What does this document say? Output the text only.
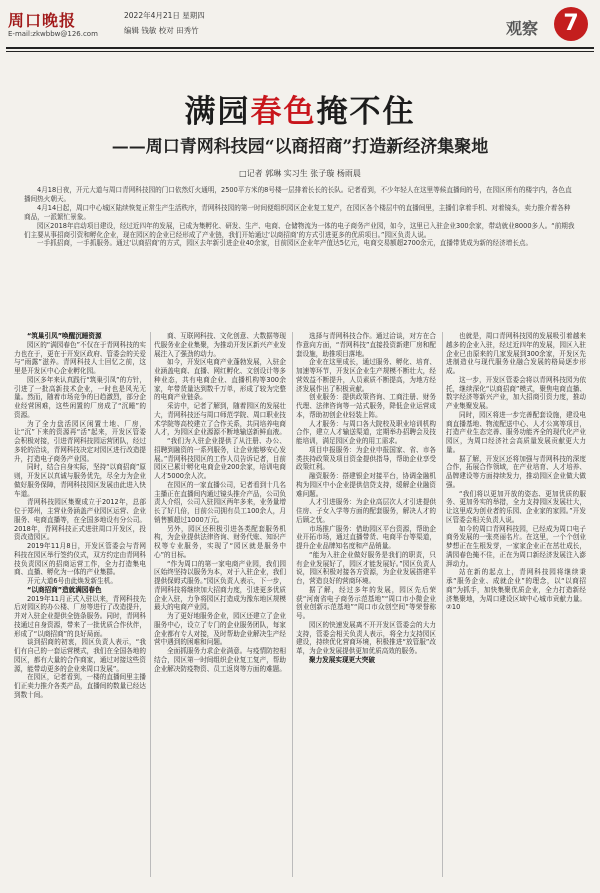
周口晚报
E-mail:zkwbbw@126.com
2022年4月21日 星期四
编辑 钱敏 校对 田秀竹	观察	7
满园春色掩不住
——周口青网科技园“以商招商”打造新经济集聚地
□记者 郭琳 实习生 张子璇 杨雨晨

4月18日夜，开元大道与周口青网科技园的门口依然灯火通明，2500平方米的8号楼一层排着长长的长队。记者看到，不少年轻人在这里等候直播间的号，在园区所有的楼宇内，各色直播间热火朝天。

4月14日起，周口中心城区陆续恢复正常生产生活秩序，青网科技园的第一时间便组织园区企业复工复产，在园区各个楼层中的直播间里，主播们拿着手机、对着镜头，卖力推介着各种商品，一派繁忙景象。

园区2018年启动项目建设，经过近四年的发展，已成为集孵化、研发、生产、电商、仓储物流为一体的电子商务产业园，如今，这里已入驻企业300余家，带动就业8000多人。“前期我们主要从事招商引资和孵化企业，现在园区的企业已经形成了产业链，我们开始通过‘以商招商’的方式引进更多的优质项目。”园区负责人说。

一手抓招商，一手抓服务。通过‘以商招商’的方式，园区去年新引进企业40余家，目前园区企业年产值达5亿元，电商交易额超2700余元，直播带货成为新的经济增长点。

“筑巢引凤”唤醒沉睡资源

园区的“满园春色”不仅在于青网科技的实力也在于，更在于开发区政府、管委会的关爱与“雨露”滋养。青网科技人士回忆之前，这里是开发区中心企业孵化园。

园区多年来认真践行“筑巢引凤”的方针，引进了一批高新技术企业，一时也是风光无量。然而，随着市场竞争的日趋激烈，部分企业经营困难，这些闲置的厂房成了“沉睡”的资源。

为了全力盘活园区闲置土地、厂房，让“沉”下来的资源再“活”起来，开发区管委会积极对接，引进青网科技园运营团队，经过多轮的洽谈，青网科技决定对园区进行改造提升，打造电子商务产业园。

同时，结合自身实际，坚持“以商招商”原则，开发区以真诚与服务优先，尽全力为企业做好服务保障，青网科技园区发展由此进入快车道。

青网科技园区集聚成立于2012年，总部位于郑州，主营业务涵盖产业园区运营、企业服务、电商直播等，在全国多地设有分公司。2018年，青网科技正式进驻周口开发区，投资改造园区。

2019年11月8日，开发区管委会与青网科技在园区举行签约仪式，双方约定由青网科技负责园区的招商运营工作，全力打造集电商、直播、孵化为一体的产业集群。

开元大道6号由此焕发新生机。

“以商招商”造就满园春色

2019年11月正式入驻以来，青网科技先后对园区的办公楼、厂房等进行了改造提升，并对入驻企业提供全链条服务。同时，青网科技通过自身资源，带来了一批优质合作伙伴，形成了“以商招商”的良好局面。

谈到招商的初衷，园区负责人表示，“我们有自己的一套运营模式，我们在全国各地的园区，都有大量的合作商家，通过对接这些资源，能带动更多的企业来周口发展”。

在园区，记者看到，一楼的直播间里主播们正卖力推介各类产品，直播间的数量已经达到数十间。

商、互联网科技、文化创意、大数据等现代服务业企业集聚，为推动开发区新兴产业发展注入了强劲的动力。

如今，开发区电商产业蓬勃发展，入驻企业涵盖电商、直播、网红孵化、文创设计等多种业态，共有电商企业、直播机构等300余家，年带货量达到数千万单，形成了较为完整的电商产业链条。

采访中，记者了解到，随着园区的发展壮大，青网科技还与周口师范学院、周口职业技术学院等高校建立了合作关系，共同培养电商人才，为园区企业源源不断地输送新鲜血液。

“我们为入驻企业提供了从注册、办公、招聘到融资的一系列服务，让企业能够安心发展。”青网科技园区的工作人员告诉记者，目前园区已累计孵化电商企业200余家，培训电商人才5000余人次。

在园区的一家直播公司，记者看到十几名主播正在直播间内通过镜头推介产品，公司负责人介绍，公司入驻园区两年多来，业务量增长了好几倍，目前公司拥有员工100余人，月销售额超过1000万元。

另外，园区还积极引进各类配套服务机构，为企业提供法律咨询、财务代账、知识产权等专业服务，实现了“园区就是服务中心”的目标。

“作为周口的第一家电商产业园，我们园区始终坚持以服务为本，对于入驻企业，我们提供保姆式服务。”园区负责人表示，下一步，青网科技将继续加大招商力度，引进更多优质企业入驻，力争将园区打造成为豫东地区规模最大的电商产业园。

为了更好地服务企业，园区还建立了企业服务中心，设立了专门的企业服务团队，每家企业都有专人对接，及时帮助企业解决生产经营中遇到的困难和问题。

全面抓服务力求企业满意。与疫情防控相结合，园区第一时间组织企业复工复产，帮助企业解决防疫物资、员工返岗等方面的难题。

选择与青网科技合作。通过洽谈，对方在合作意向方面，“青网科技”直接投资新建厂房和配套设施，助推项目落地。

企业在这里成长，通过服务、孵化、培育、加速等环节，开发区企业生产规模不断壮大，经营效益不断提升，人员素质不断提高，为地方经济发展作出了积极贡献。

创业服务：提供政策咨询、工商注册、财务代理、法律咨询等一站式服务，降低企业运营成本，帮助初创企业轻装上阵。

人才服务：与周口各大院校及职业培训机构合作，建立人才输送渠道，定期举办招聘会及技能培训，满足园区企业的用工需求。

项目申报服务：为企业申报国家、省、市各类扶持政策及项目资金提供指导，帮助企业享受政策红利。

融资服务：搭建银企对接平台，协调金融机构为园区中小企业提供信贷支持，缓解企业融资难问题。

人才引进服务：为企业高层次人才引进提供住房、子女入学等方面的配套服务，解决人才的后顾之忧。

市场推广服务：借助园区平台资源，帮助企业开拓市场，通过直播带货、电商平台等渠道，提升企业品牌知名度和产品销量。

“能为入驻企业做好服务是我们的职责，只有企业发展好了，园区才能发展好。”园区负责人说，园区积极对接各方资源，为企业发展搭建平台，营造良好的营商环境。

据了解，经过多年的发展，园区先后荣获“河南省电子商务示范基地”“周口市小微企业创业创新示范基地”“周口市众创空间”等荣誉称号。

园区的快速发展离不开开发区管委会的大力支持，管委会相关负责人表示，将全力支持园区建设，持续优化营商环境，积极推进“放管服”改革，为企业发展提供更加优质高效的服务。

聚力发展实现更大突破

也就是，周口青网科技园的发展吸引着越来越多的企业入驻，经过近四年的发展，园区入驻企业已由原来的几家发展到300余家，开发区先进制造业与现代服务业融合发展的格局逐步形成。

这一步，开发区管委会将以青网科技园为依托，继续深化“以商招商”模式，聚焦电商直播、数字经济等新兴产业，加大招商引资力度，推动产业集聚发展。

同时，园区将进一步完善配套设施，建设电商直播基地、物流配送中心、人才公寓等项目，打造产业生态完善、服务功能齐全的现代化产业园区，为周口经济社会高质量发展贡献更大力量。

据了解，开发区还将加强与青网科技的深度合作，拓展合作领域，在产业培育、人才培养、品牌建设等方面持续发力，推动园区企业做大做强。

“我们将以更加开放的姿态、更加优质的服务、更加务实的举措，全力支持园区发展壮大，让这里成为创业者的乐园、企业家的家园。”开发区管委会相关负责人说。

如今的周口青网科技园，已经成为周口电子商务发展的一张亮丽名片。在这里，一个个创业梦想正在生根发芽，一家家企业正在茁壮成长，满园春色掩不住，正在为周口新经济发展注入澎湃动力。

站在新的起点上，青网科技园将继续秉承“服务企业、成就企业”的理念，以“以商招商”为抓手，加快集聚优质企业，全力打造新经济集聚地，为周口建设区域中心城市贡献力量。②10
